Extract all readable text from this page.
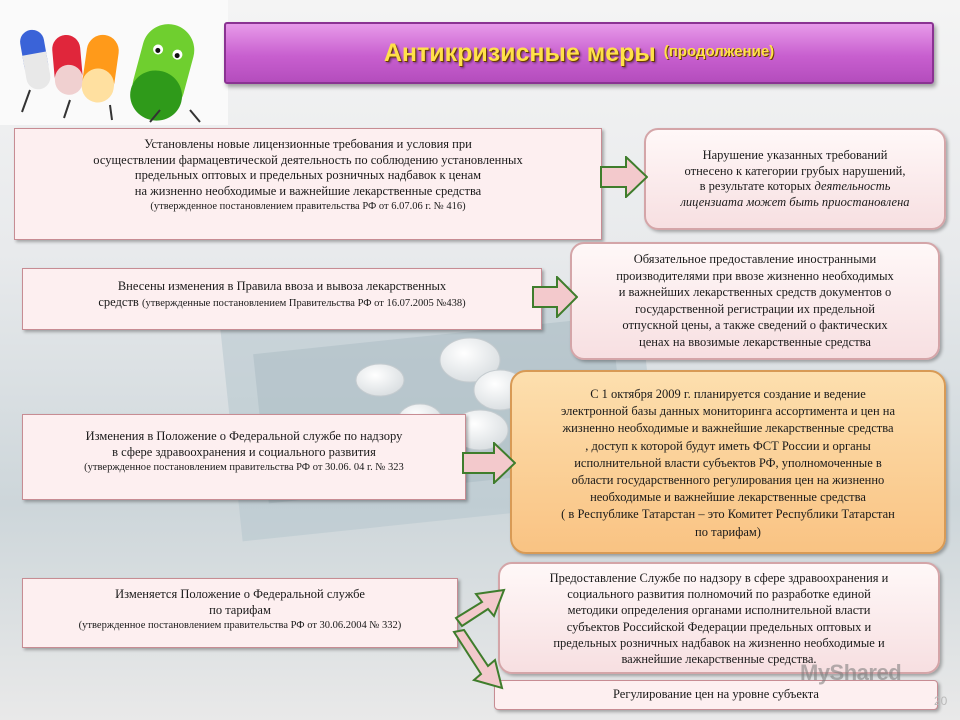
Антикризисные меры (продолжение)

Установлены новые лицензионные требования и условия при

осуществлении фармацевтической деятельность по соблюдению установленных

предельных оптовых и предельных розничных надбавок к ценам

на жизненно необходимые и важнейшие лекарственные средства

(утвержденное постановлением правительства РФ от 6.07.06 г. № 416)

Внесены изменения в Правила ввоза и вывоза лекарственных

средств (утвержденные постановлением Правительства РФ от 16.07.2005 №438)

Изменения в Положение о Федеральной службе по надзору

в сфере здравоохранения и социального развития

(утвержденное постановлением правительства РФ от 30.06. 04 г. № 323

Изменяется Положение о Федеральной службе

по тарифам

(утвержденное постановлением правительства РФ от 30.06.2004 № 332)

Нарушение указанных требований

отнесено к категории грубых нарушений,

в результате которых деятельность

лицензиата может быть приостановлена

Обязательное предоставление иностранными

производителями при ввозе жизненно необходимых

и важнейших лекарственных средств документов о

государственной регистрации их предельной

отпускной цены, а также сведений о фактических

ценах на ввозимые лекарственные средства

С 1 октября 2009 г. планируется создание и ведение

электронной базы данных мониторинга ассортимента и цен на

жизненно необходимые и важнейшие лекарственные средства

, доступ к которой будут иметь ФСТ России и органы

исполнительной власти субъектов РФ, уполномоченные в

области государственного регулирования цен на жизненно

необходимые и важнейшие лекарственные средства

( в Республике Татарстан – это Комитет Республики Татарстан

по тарифам)

Предоставление Службе по надзору в сфере здравоохранения и

социального развития полномочий по разработке единой

методики определения органами исполнительной власти

субъектов Российской Федерации предельных оптовых и

предельных розничных надбавок на жизненно необходимые и

важнейшие лекарственные средства.

Регулирование цен на уровне субъекта

MyShared
20
